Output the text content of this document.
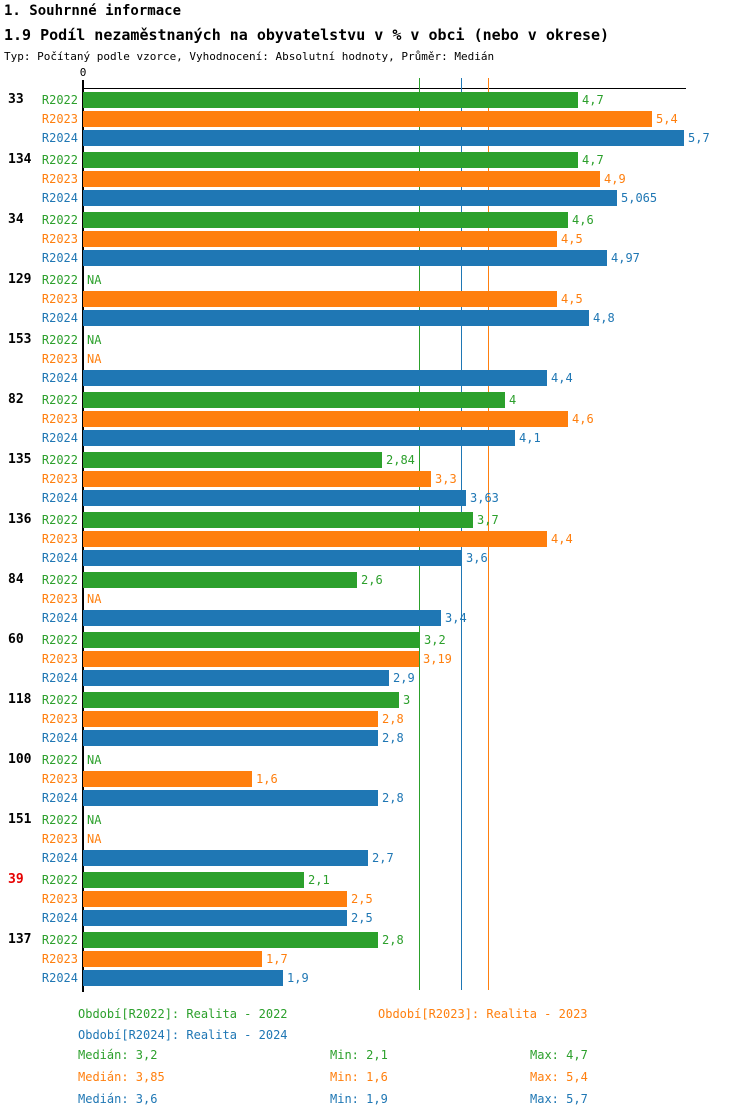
1. Souhrnné informace
1.9 Podíl nezaměstnaných na obyvatelstvu v % v obci (nebo v okrese)
Typ: Počítaný podle vzorce, Vyhodnocení: Absolutní hodnoty, Průměr: Medián
0
33	R2022	4,7
R2023	5,4
R2024	5,7
134 R2022	4,7
R2023	4,9
R2024	5,065
34	R2022	4,6
R2023	4,5
R2024	4,97
129 R2022 NA
R2023	4,5
R2024	4,8
153 R2022 NA
R2023 NA
R2024	4,4
82	R2022	4
R2023	4,6
R2024	4,1
135 R2022	2,84
R2023	3,3
R2024	3,63
136 R2022	3,7
R2023	4,4
R2024	3,6
84	R2022	2,6
R2023 NA
R2024	3,4
60	R2022	3,2
R2023	3,19
R2024	2,9
118 R2022	3
R2023	2,8
R2024	2,8
100 R2022 NA
R2023	1,6
R2024	2,8
151 R2022 NA
R2023 NA
R2024	2,7
39	R2022	2,1
R2023	2,5
R2024	2,5
137 R2022	2,8
R2023	1,7
R2024	1,9
Období[R2022]: Realita - 2022	Období[R2023]: Realita - 2023
Období[R2024]: Realita - 2024
Medián: 3,2	Min: 2,1	Max: 4,7
Medián: 3,85	Min: 1,6	Max: 5,4
Medián: 3,6	Min: 1,9	Max: 5,7
